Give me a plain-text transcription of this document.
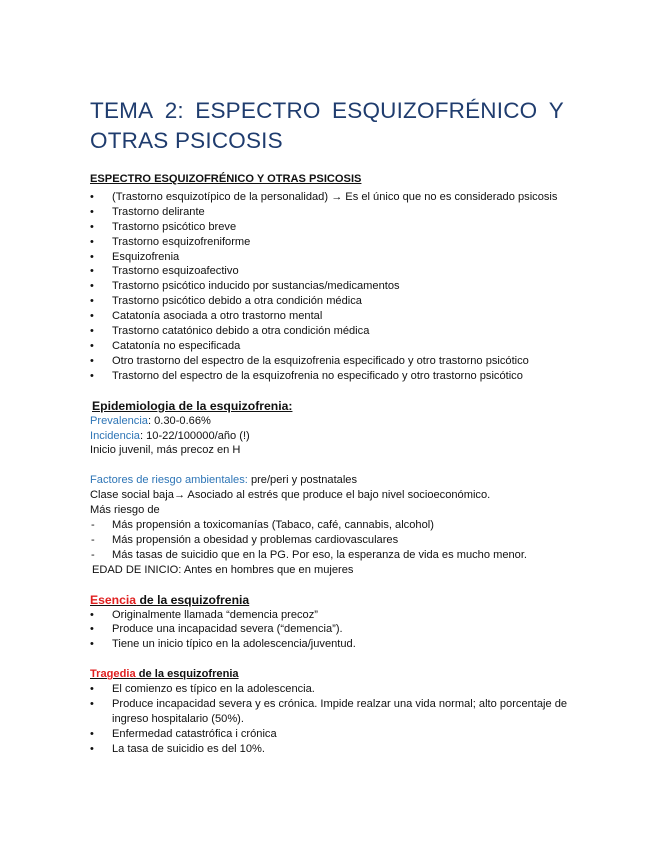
TEMA 2: ESPECTRO ESQUIZOFRÉNICO Y
OTRAS PSICOSIS

ESPECTRO ESQUIZOFRÉNICO Y OTRAS PSICOSIS

• (Trastorno esquizotípico de la personalidad) → Es el único que no es considerado psicosis
• Trastorno delirante
• Trastorno psicótico breve
• Trastorno esquizofreniforme
• Esquizofrenia
• Trastorno esquizoafectivo
• Trastorno psicótico inducido por sustancias/medicamentos
• Trastorno psicótico debido a otra condición médica
• Catatonía asociada a otro trastorno mental
• Trastorno catatónico debido a otra condición médica
• Catatonía no especificada
• Otro trastorno del espectro de la esquizofrenia especificado y otro trastorno psicótico
• Trastorno del espectro de la esquizofrenia no especificado y otro trastorno psicótico

Epidemiologia de la esquizofrenia:

Prevalencia: 0.30-0.66%

Incidencia: 10-22/100000/año (!)

Inicio juvenil, más precoz en H

Factores de riesgo ambientales: pre/peri y postnatales

Clase social baja→ Asociado al estrés que produce el bajo nivel socioeconómico.

Más riesgo de

- Más propensión a toxicomanías (Tabaco, café, cannabis, alcohol)
- Más propensión a obesidad y problemas cardiovasculares
- Más tasas de suicidio que en la PG. Por eso, la esperanza de vida es mucho menor.

EDAD DE INICIO: Antes en hombres que en mujeres

Esencia de la esquizofrenia

• Originalmente llamada “demencia precoz”
• Produce una incapacidad severa (“demencia”).
• Tiene un inicio típico en la adolescencia/juventud.

Tragedia de la esquizofrenia

• El comienzo es típico en la adolescencia.
• Produce incapacidad severa y es crónica. Impide realzar una vida normal; alto porcentaje de ingreso hospitalario (50%).
• Enfermedad catastrófica i crónica
• La tasa de suicidio es del 10%.
